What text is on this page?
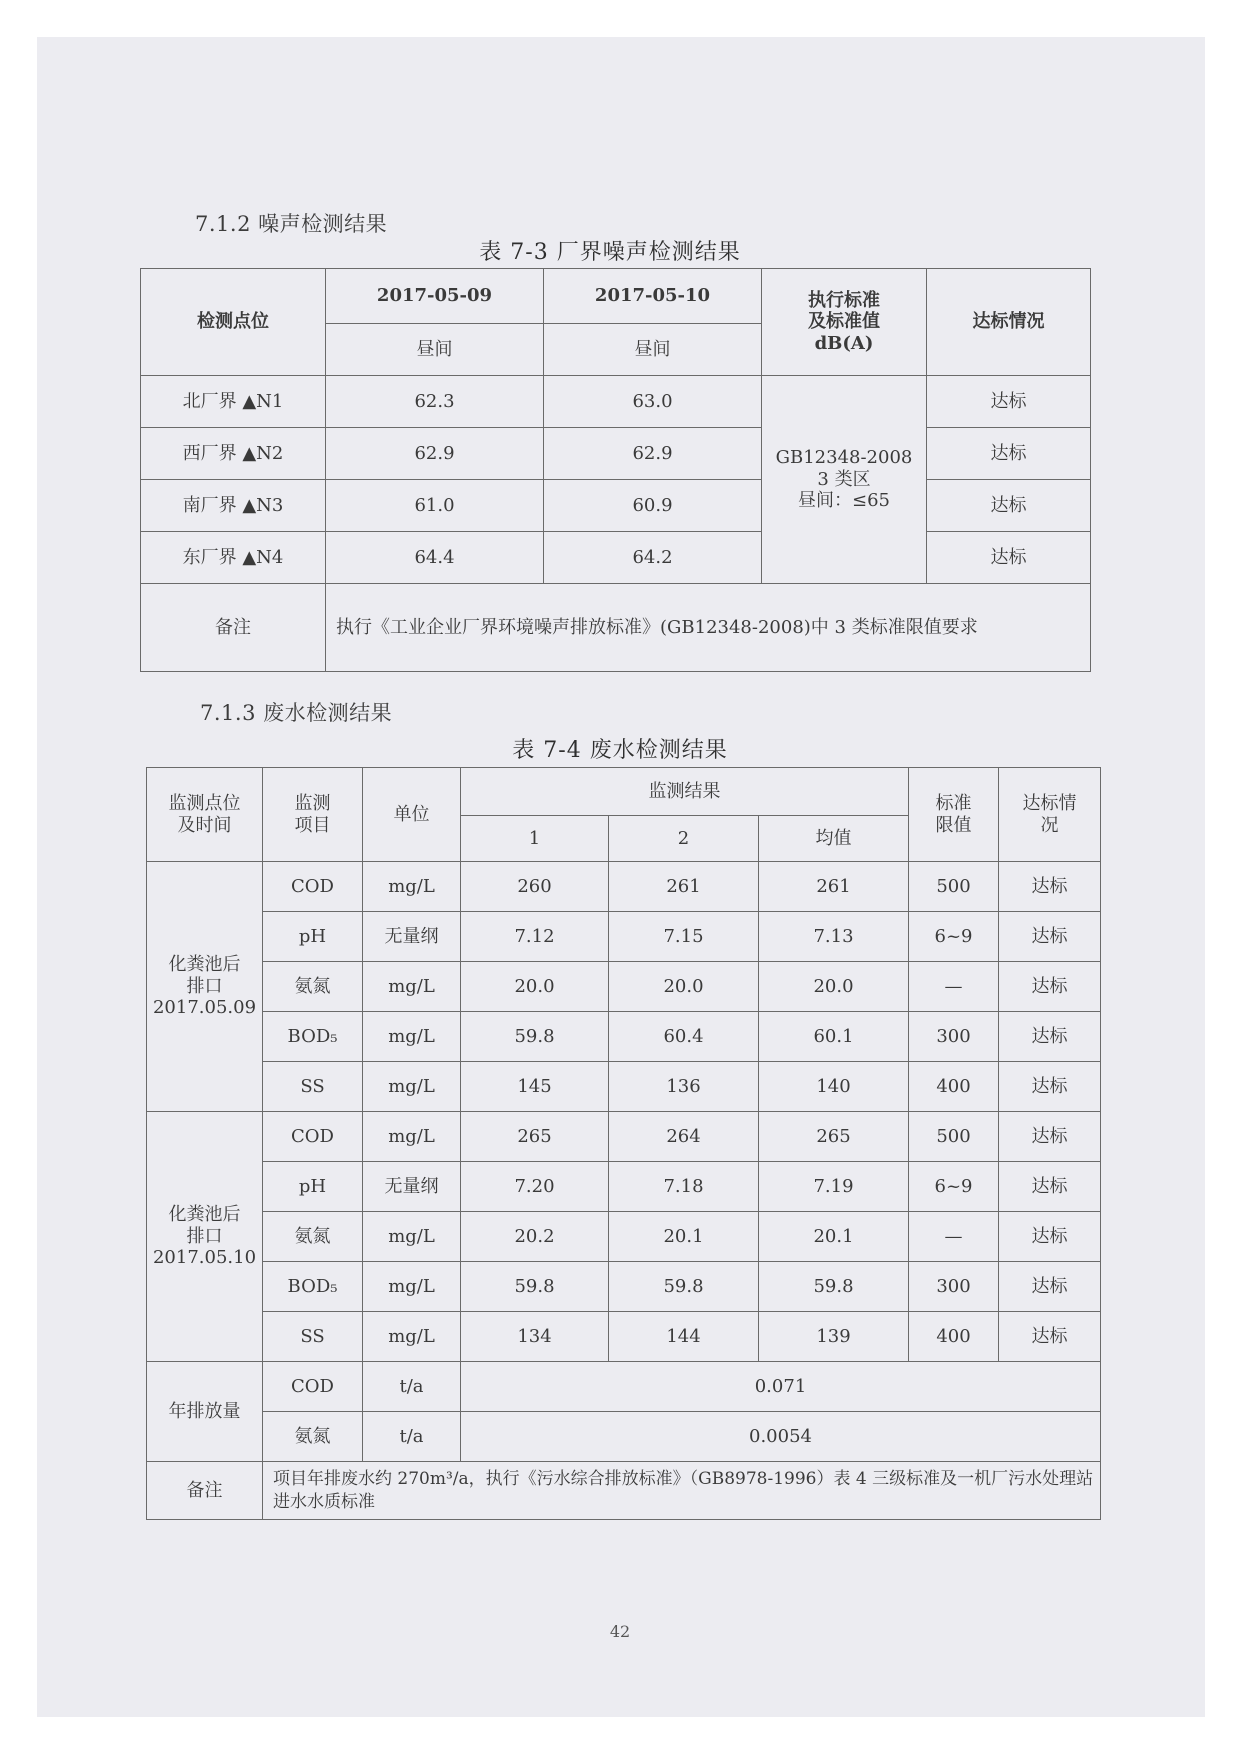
7.1.2 噪声检测结果
表 7-3 厂界噪声检测结果
检测点位	2017-05-09	2017-05-10	执行标准
及标准值
dB(A)	达标情况
	昼间	昼间		
北厂界 ▲N1	62.3	63.0	GB12348-2008
3 类区
昼间：≤65	达标
西厂界 ▲N2	62.9	62.9		达标
南厂界 ▲N3	61.0	60.9		达标
东厂界 ▲N4	64.4	64.2		达标
备注	执行《工业企业厂界环境噪声排放标准》(GB12348-2008)中 3 类标准限值要求			
7.1.3 废水检测结果
表 7-4 废水检测结果
监测点位
及时间	监测
项目	单位	监测结果			标准
限值	达标情
况
			1	2	均值		
化粪池后
排口
2017.05.09	COD	mg/L	260	261	261	500	达标
	pH	无量纲	7.12	7.15	7.13	6~9	达标
	氨氮	mg/L	20.0	20.0	20.0	—	达标
	BOD₅	mg/L	59.8	60.4	60.1	300	达标
	SS	mg/L	145	136	140	400	达标
化粪池后
排口
2017.05.10	COD	mg/L	265	264	265	500	达标
	pH	无量纲	7.20	7.18	7.19	6~9	达标
	氨氮	mg/L	20.2	20.1	20.1	—	达标
	BOD₅	mg/L	59.8	59.8	59.8	300	达标
	SS	mg/L	134	144	139	400	达标
年排放量	COD	t/a	0.071				
	氨氮	t/a	0.0054				
备注	项目年排废水约 270m³/a，执行《污水综合排放标准》（GB8978-1996）表 4 三级标准及一机厂污水处理站进水水质标准						
42
